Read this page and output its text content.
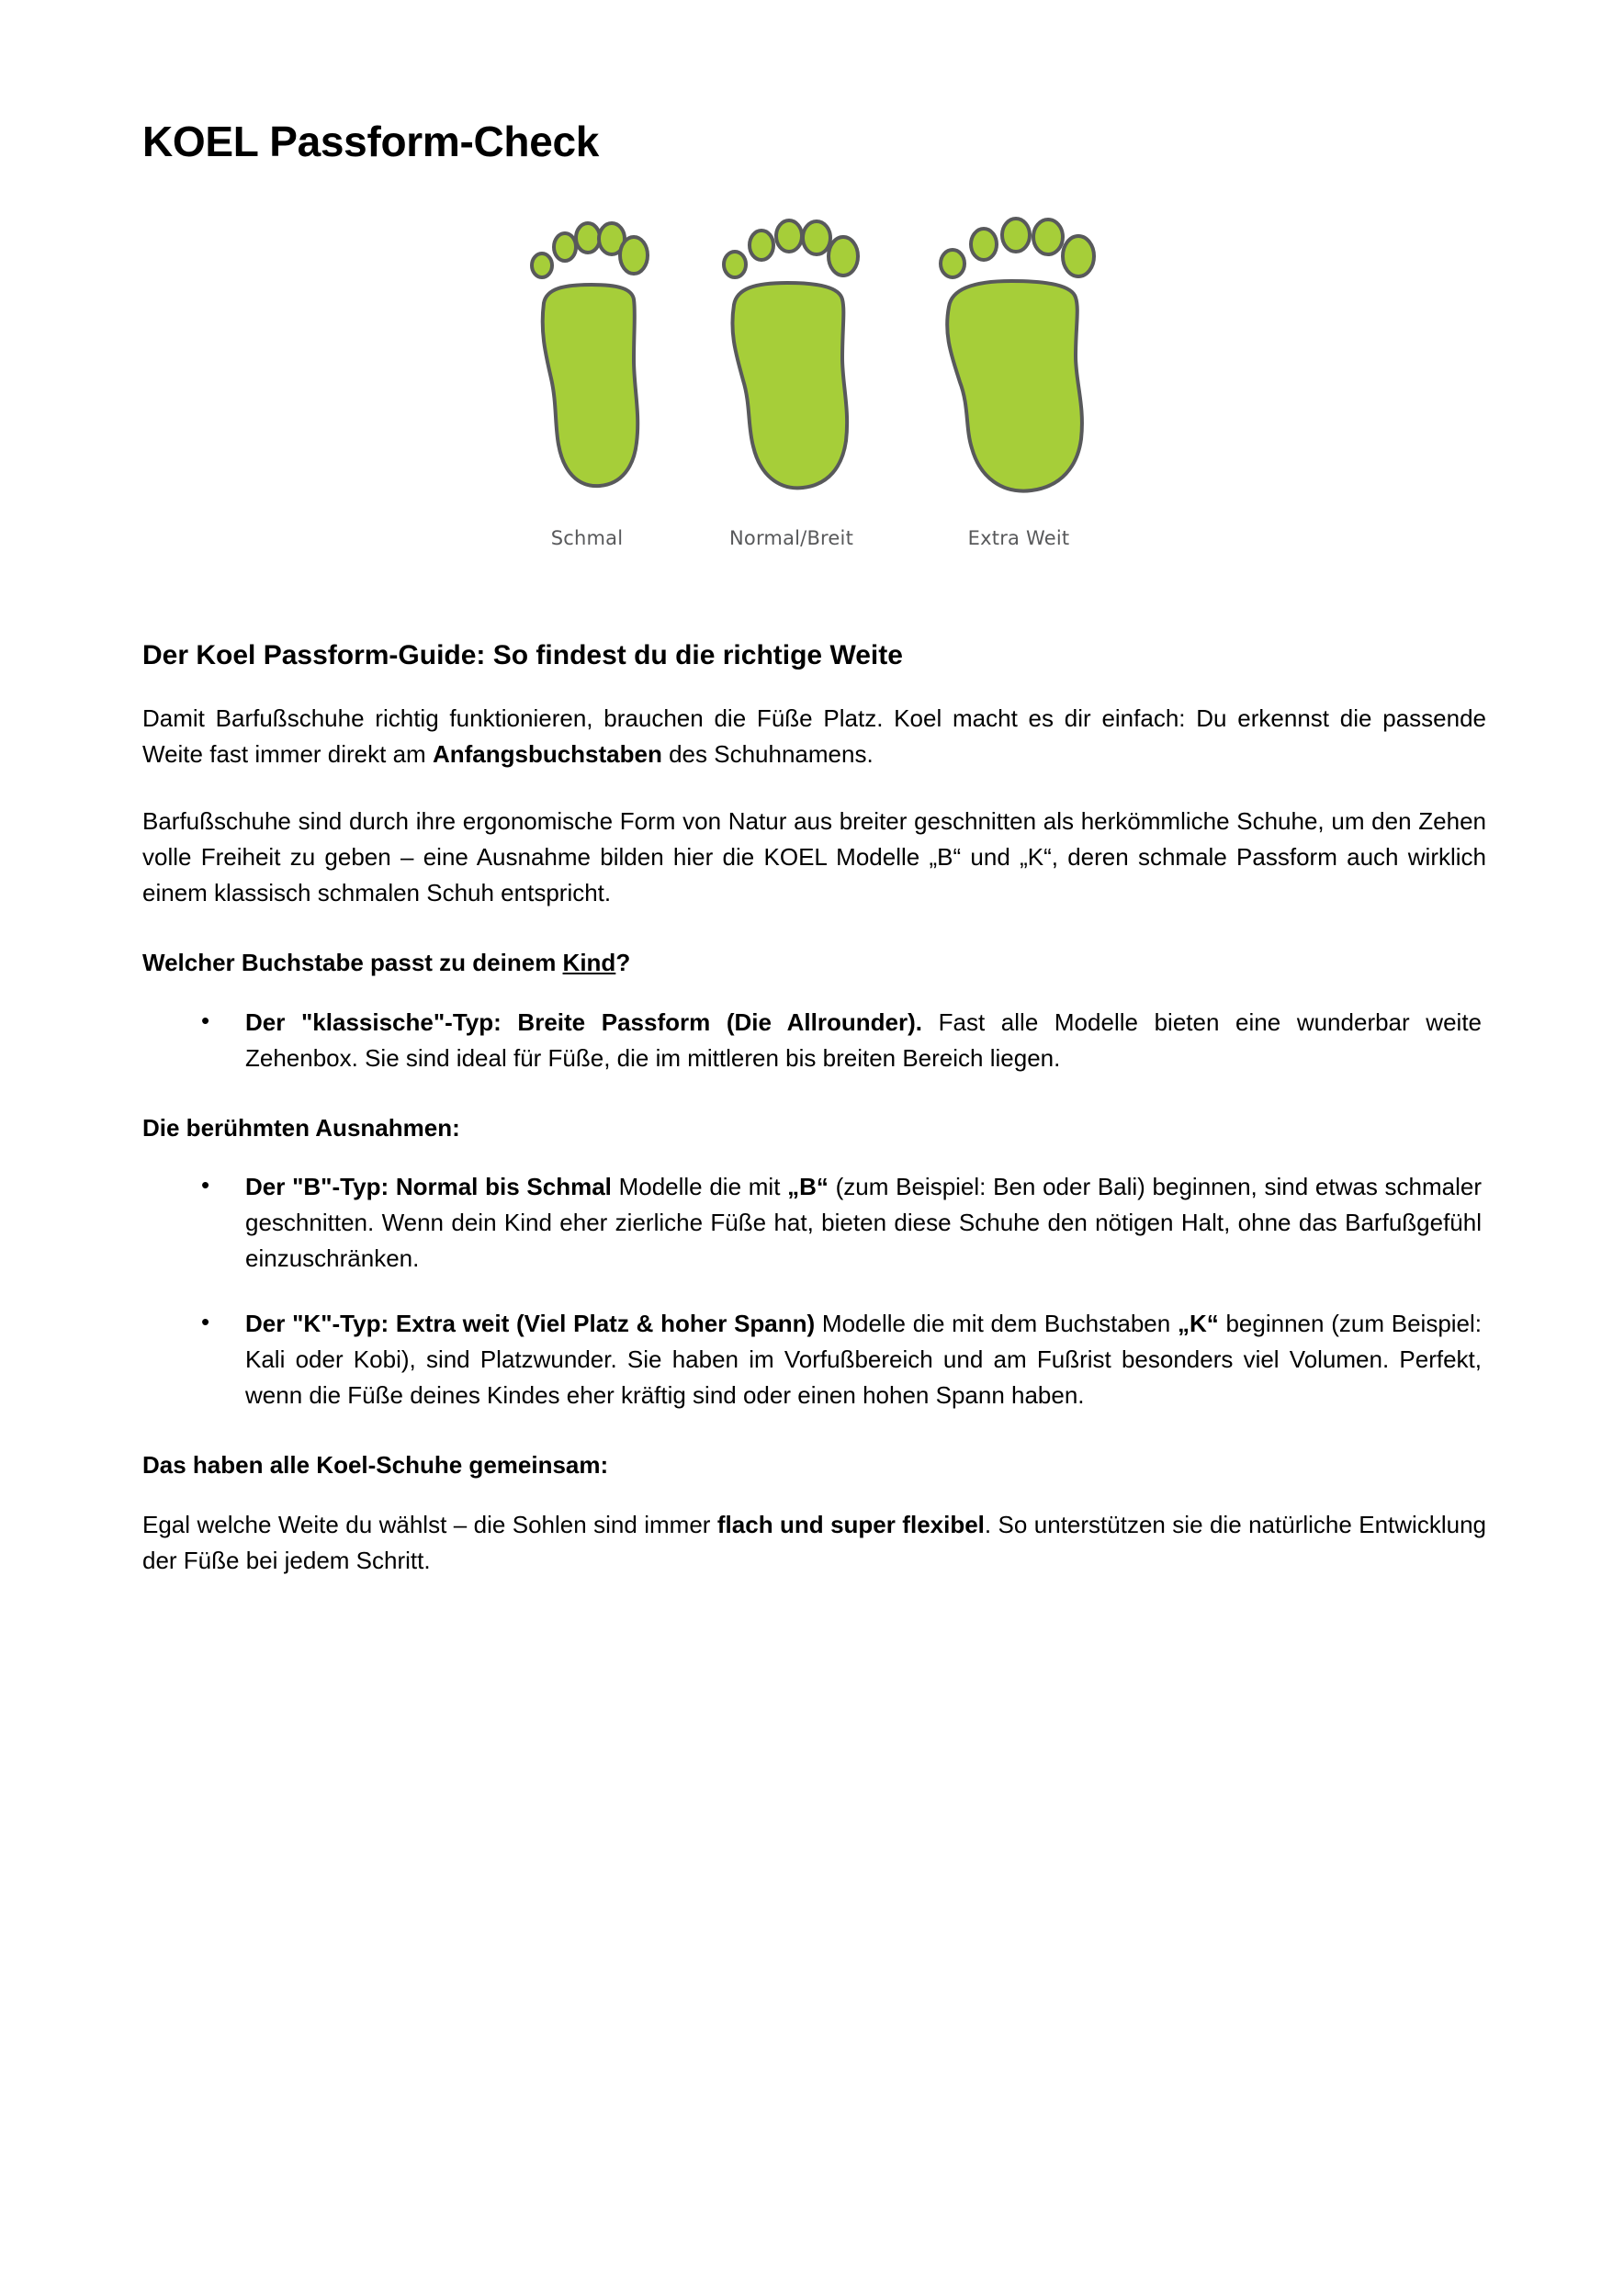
KOEL Passform-Check
Schmal	Normal/Breit	Extra Weit
Der Koel Passform-Guide: So findest du die richtige Weite

Damit Barfußschuhe richtig funktionieren, brauchen die Füße Platz. Koel macht es dir einfach: Du erkennst die passende Weite fast immer direkt am Anfangsbuchstaben des Schuhnamens.

Barfußschuhe sind durch ihre ergonomische Form von Natur aus breiter geschnitten als herkömmliche Schuhe, um den Zehen volle Freiheit zu geben – eine Ausnahme bilden hier die KOEL Modelle „B“ und „K“, deren schmale Passform auch wirklich einem klassisch schmalen Schuh entspricht.

Welcher Buchstabe passt zu deinem Kind?

• Der "klassische"-Typ: Breite Passform (Die Allrounder). Fast alle Modelle bieten eine wunderbar weite Zehenbox. Sie sind ideal für Füße, die im mittleren bis breiten Bereich liegen.

Die berühmten Ausnahmen:

• Der "B"-Typ: Normal bis Schmal Modelle die mit „B“ (zum Beispiel: Ben oder Bali) beginnen, sind etwas schmaler geschnitten. Wenn dein Kind eher zierliche Füße hat, bieten diese Schuhe den nötigen Halt, ohne das Barfußgefühl einzuschränken.
• Der "K"-Typ: Extra weit (Viel Platz & hoher Spann) Modelle die mit dem Buchstaben „K“ beginnen (zum Beispiel: Kali oder Kobi), sind Platzwunder. Sie haben im Vorfußbereich und am Fußrist besonders viel Volumen. Perfekt, wenn die Füße deines Kindes eher kräftig sind oder einen hohen Spann haben.

Das haben alle Koel-Schuhe gemeinsam:

Egal welche Weite du wählst – die Sohlen sind immer flach und super flexibel. So unterstützen sie die natürliche Entwicklung der Füße bei jedem Schritt.
